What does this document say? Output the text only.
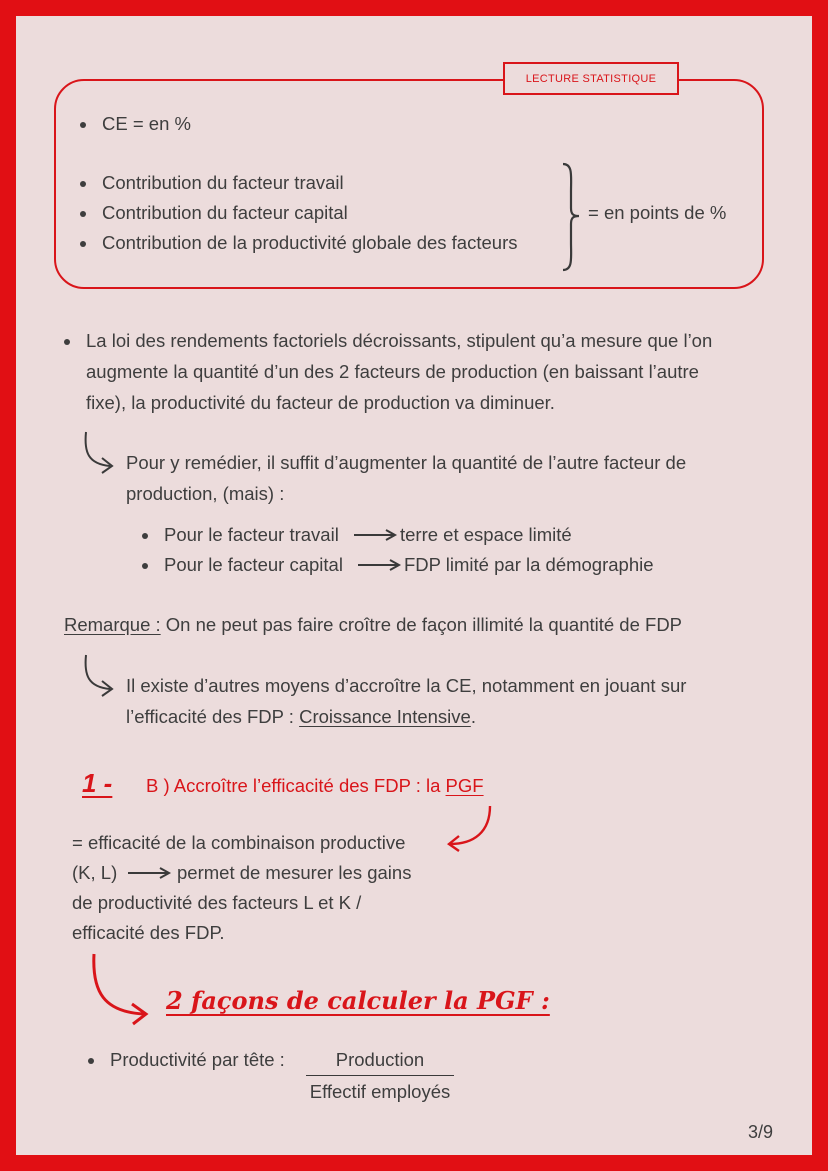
LECTURE STATISTIQUE
CE = en %
Contribution du facteur travail
Contribution du facteur capital
Contribution de la productivité globale des facteurs
= en points de %
La loi des rendements factoriels décroissants, stipulent qu’a mesure que l’on
augmente la quantité d’un des 2 facteurs de production (en baissant l’autre
fixe), la productivité du facteur de production va diminuer.
Pour y remédier, il suffit d’augmenter la quantité de l’autre facteur de
production, (mais) :
Pour le facteur travail	terre et espace limité
Pour le facteur capital	FDP limité par la démographie
Remarque : On ne peut pas faire croître de façon illimité la quantité de FDP
Il existe d’autres moyens d’accroître la CE, notamment en jouant sur
l’efficacité des FDP : Croissance Intensive.
1 - B ) Accroître l’efficacité des FDP : la PGF
= efficacité de la combinaison productive
(K, L)	permet de mesurer les gains
de productivité des facteurs L et K /
efficacité des FDP.
2 façons de calculer la PGF :
Productivité par tête :	Production
Effectif employés
3/9
